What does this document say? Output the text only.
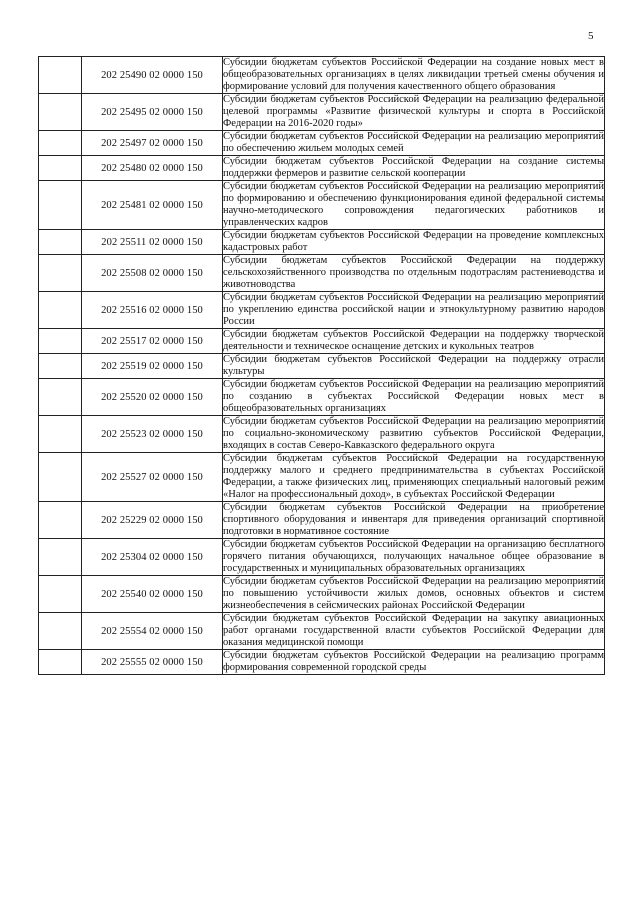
5
	202 25490 02 0000 150	Субсидии бюджетам субъектов Российской Федерации на создание новых мест в общеобразовательных организациях в целях ликвидации третьей смены обучения и формирование условий для получения качественного общего образования
	202 25495 02 0000 150	Субсидии бюджетам субъектов Российской Федерации на реализацию федеральной целевой программы «Развитие физической культуры и спорта в Российской Федерации на 2016-2020 годы»
	202 25497 02 0000 150	Субсидии бюджетам субъектов Российской Федерации на реализацию мероприятий по обеспечению жильем молодых семей
	202 25480 02 0000 150	Субсидии бюджетам субъектов Российской Федерации на создание системы поддержки фермеров и развитие сельской кооперации
	202 25481 02 0000 150	Субсидии бюджетам субъектов Российской Федерации на реализацию мероприятий по формированию и обеспечению функционирования единой федеральной системы научно-методического сопровождения педагогических работников и управленческих кадров
	202 25511 02 0000 150	Субсидии бюджетам субъектов Российской Федерации на проведение комплексных кадастровых работ
	202 25508 02 0000 150	Субсидии бюджетам субъектов Российской Федерации на поддержку сельскохозяйственного производства по отдельным подотраслям растениеводства и животноводства
	202 25516 02 0000 150	Субсидии бюджетам субъектов Российской Федерации на реализацию мероприятий по укреплению единства российской нации и этнокультурному развитию народов России
	202 25517 02 0000 150	Субсидии бюджетам субъектов Российской Федерации на поддержку творческой деятельности и техническое оснащение детских и кукольных театров
	202 25519 02 0000 150	Субсидии бюджетам субъектов Российской Федерации на поддержку отрасли культуры
	202 25520 02 0000 150	Субсидии бюджетам субъектов Российской Федерации на реализацию мероприятий по созданию в субъектах Российской Федерации новых мест в общеобразовательных организациях
	202 25523 02 0000 150	Субсидии бюджетам субъектов Российской Федерации на реализацию мероприятий по социально-экономическому развитию субъектов Российской Федерации, входящих в состав Северо-Кавказского федерального округа
	202 25527 02 0000 150	Субсидии бюджетам субъектов Российской Федерации на государственную поддержку малого и среднего предпринимательства в субъектах Российской Федерации, а также физических лиц, применяющих специальный налоговый режим «Налог на профессиональный доход», в субъектах Российской Федерации
	202 25229 02 0000 150	Субсидии бюджетам субъектов Российской Федерации на приобретение спортивного оборудования и инвентаря для приведения организаций спортивной подготовки в нормативное состояние
	202 25304 02 0000 150	Субсидии бюджетам субъектов Российской Федерации на организацию бесплатного горячего питания обучающихся, получающих начальное общее образование в государственных и муниципальных образовательных организациях
	202 25540 02 0000 150	Субсидии бюджетам субъектов Российской Федерации на реализацию мероприятий по повышению устойчивости жилых домов, основных объектов и систем жизнеобеспечения в сейсмических районах Российской Федерации
	202 25554 02 0000 150	Субсидии бюджетам субъектов Российской Федерации на закупку авиационных работ органами государственной власти субъектов Российской Федерации для оказания медицинской помощи
	202 25555 02 0000 150	Субсидии бюджетам субъектов Российской Федерации на реализацию программ формирования современной городской среды
